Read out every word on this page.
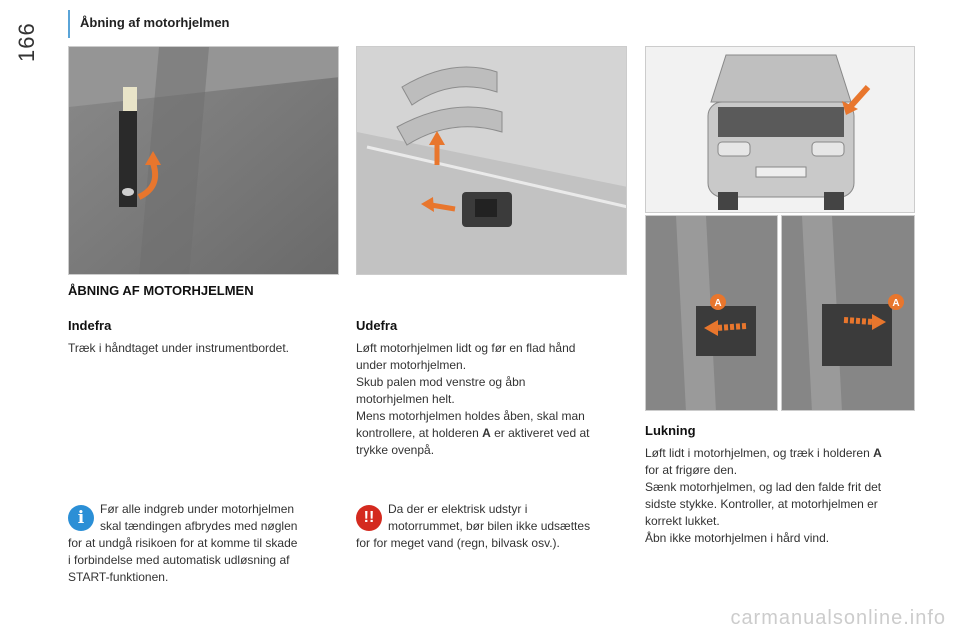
166	Åbning af motorhjelmen
A	A
ÅBNING AF MOTORHJELMEN
Indefra
Træk i håndtaget under instrumentbordet.
Udefra
Løft motorhjelmen lidt og før en flad hånd
under motorhjelmen.
Skub palen mod venstre og åbn
motorhjelmen helt.
Mens motorhjelmen holdes åben, skal man
kontrollere, at holderen A er aktiveret ved at
trykke ovenpå.
Lukning
Løft lidt i motorhjelmen, og træk i holderen A
for at frigøre den.
Sænk motorhjelmen, og lad den falde frit det
sidste stykke. Kontroller, at motorhjelmen er
korrekt lukket.
Åbn ikke motorhjelmen i hård vind.
i	Før alle indgreb under motorhjelmen
skal tændingen afbrydes med nøglen
for at undgå risikoen for at komme til skade
i forbindelse med automatisk udløsning af
START-funktionen.
!!	Da der er elektrisk udstyr i
motorrummet, bør bilen ikke udsættes
for for meget vand (regn, bilvask osv.).
carmanualsonline.info
